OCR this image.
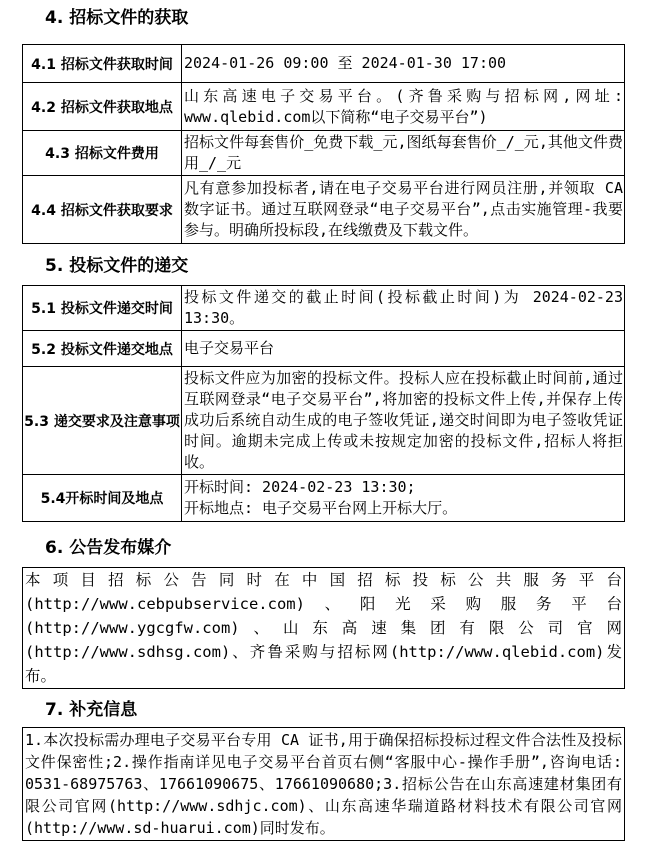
4. 招标文件的获取
4.1 招标文件获取时间	2024-01-26 09:00 至 2024-01-30 17:00
4.2 招标文件获取地点	山东高速电子交易平台。(齐鲁采购与招标网,网址: www.qlebid.com以下简称“电子交易平台”)
4.3 招标文件费用	招标文件每套售价_免费下载_元,图纸每套售价_/_元,其他文件费用_/_元
4.4 招标文件获取要求	凡有意参加投标者,请在电子交易平台进行网员注册,并领取 CA 数字证书。通过互联网登录“电子交易平台”,点击实施管理-我要参与。明确所投标段,在线缴费及下载文件。
5. 投标文件的递交
5.1 投标文件递交时间	投标文件递交的截止时间(投标截止时间)为 2024-02-23 13:30。
5.2 投标文件递交地点	电子交易平台
5.3 递交要求及注意事项	投标文件应为加密的投标文件。投标人应在投标截止时间前,通过互联网登录“电子交易平台”,将加密的投标文件上传,并保存上传成功后系统自动生成的电子签收凭证,递交时间即为电子签收凭证时间。逾期未完成上传或未按规定加密的投标文件,招标人将拒收。
5.4开标时间及地点	开标时间: 2024-02-23 13:30;
开标地点: 电子交易平台网上开标大厅。
6. 公告发布媒介
本项目招标公告同时在中国招标投标公共服务平台(http://www.cebpubservice.com)、阳光采购服务平台(http://www.ygcgfw.com)、山东高速集团有限公司官网(http://www.sdhsg.com)、齐鲁采购与招标网(http://www.qlebid.com)发布。
7. 补充信息
1.本次投标需办理电子交易平台专用 CA 证书,用于确保招标投标过程文件合法性及投标文件保密性;2.操作指南详见电子交易平台首页右侧“客服中心-操作手册”,咨询电话: 0531-68975763、17661090675、17661090680;3.招标公告在山东高速建材集团有限公司官网(http://www.sdhjc.com)、山东高速华瑞道路材料技术有限公司官网(http://www.sd-huarui.com)同时发布。
